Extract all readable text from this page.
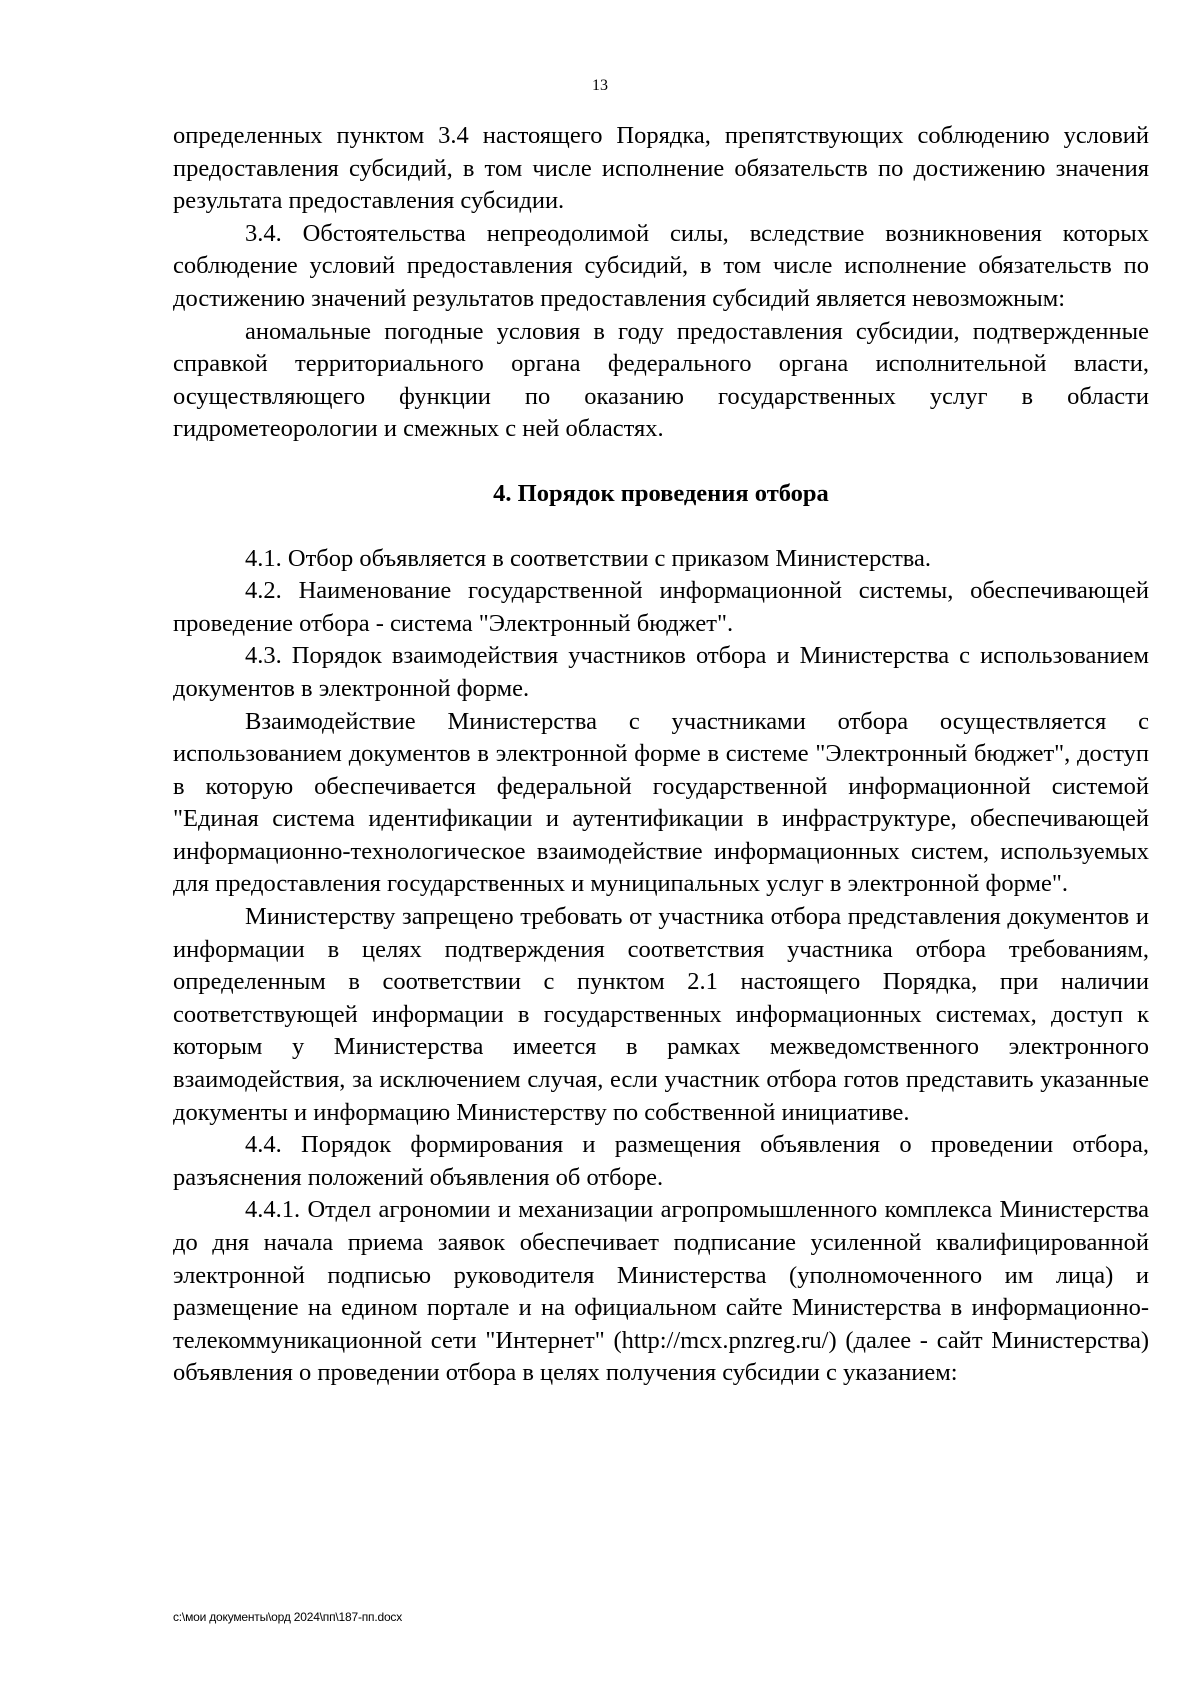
13

определенных пунктом 3.4 настоящего Порядка, препятствующих соблюдению условий предоставления субсидий, в том числе исполнение обязательств по достижению значения результата предоставления субсидии.

3.4. Обстоятельства непреодолимой силы, вследствие возникновения которых соблюдение условий предоставления субсидий, в том числе исполнение обязательств по достижению значений результатов предоставления субсидий является невозможным:

аномальные погодные условия в году предоставления субсидии, подтвержденные справкой территориального органа федерального органа исполнительной власти, осуществляющего функции по оказанию государственных услуг в области гидрометеорологии и смежных с ней областях.

4. Порядок проведения отбора

4.1. Отбор объявляется в соответствии с приказом Министерства.

4.2. Наименование государственной информационной системы, обеспечивающей проведение отбора - система "Электронный бюджет".

4.3. Порядок взаимодействия участников отбора и Министерства с использованием документов в электронной форме.

Взаимодействие Министерства с участниками отбора осуществляется с использованием документов в электронной форме в системе "Электронный бюджет", доступ в которую обеспечивается федеральной государственной информационной системой "Единая система идентификации и аутентификации в инфраструктуре, обеспечивающей информационно-технологическое взаимодействие информационных систем, используемых для предоставления государственных и муниципальных услуг в электронной форме".

Министерству запрещено требовать от участника отбора представления документов и информации в целях подтверждения соответствия участника отбора требованиям, определенным в соответствии с пунктом 2.1 настоящего Порядка, при наличии соответствующей информации в государственных информационных системах, доступ к которым у Министерства имеется в рамках межведомственного электронного взаимодействия, за исключением случая, если участник отбора готов представить указанные документы и информацию Министерству по собственной инициативе.

4.4. Порядок формирования и размещения объявления о проведении отбора, разъяснения положений объявления об отборе.

4.4.1. Отдел агрономии и механизации агропромышленного комплекса Министерства до дня начала приема заявок обеспечивает подписание усиленной квалифицированной электронной подписью руководителя Министерства (уполномоченного им лица) и размещение на едином портале и на официальном сайте Министерства в информационно-телекоммуникационной сети "Интернет" (http://mcx.pnzreg.ru/) (далее - сайт Министерства) объявления о проведении отбора в целях получения субсидии с указанием:

c:\мои документы\орд 2024\пп\187-пп.docx
